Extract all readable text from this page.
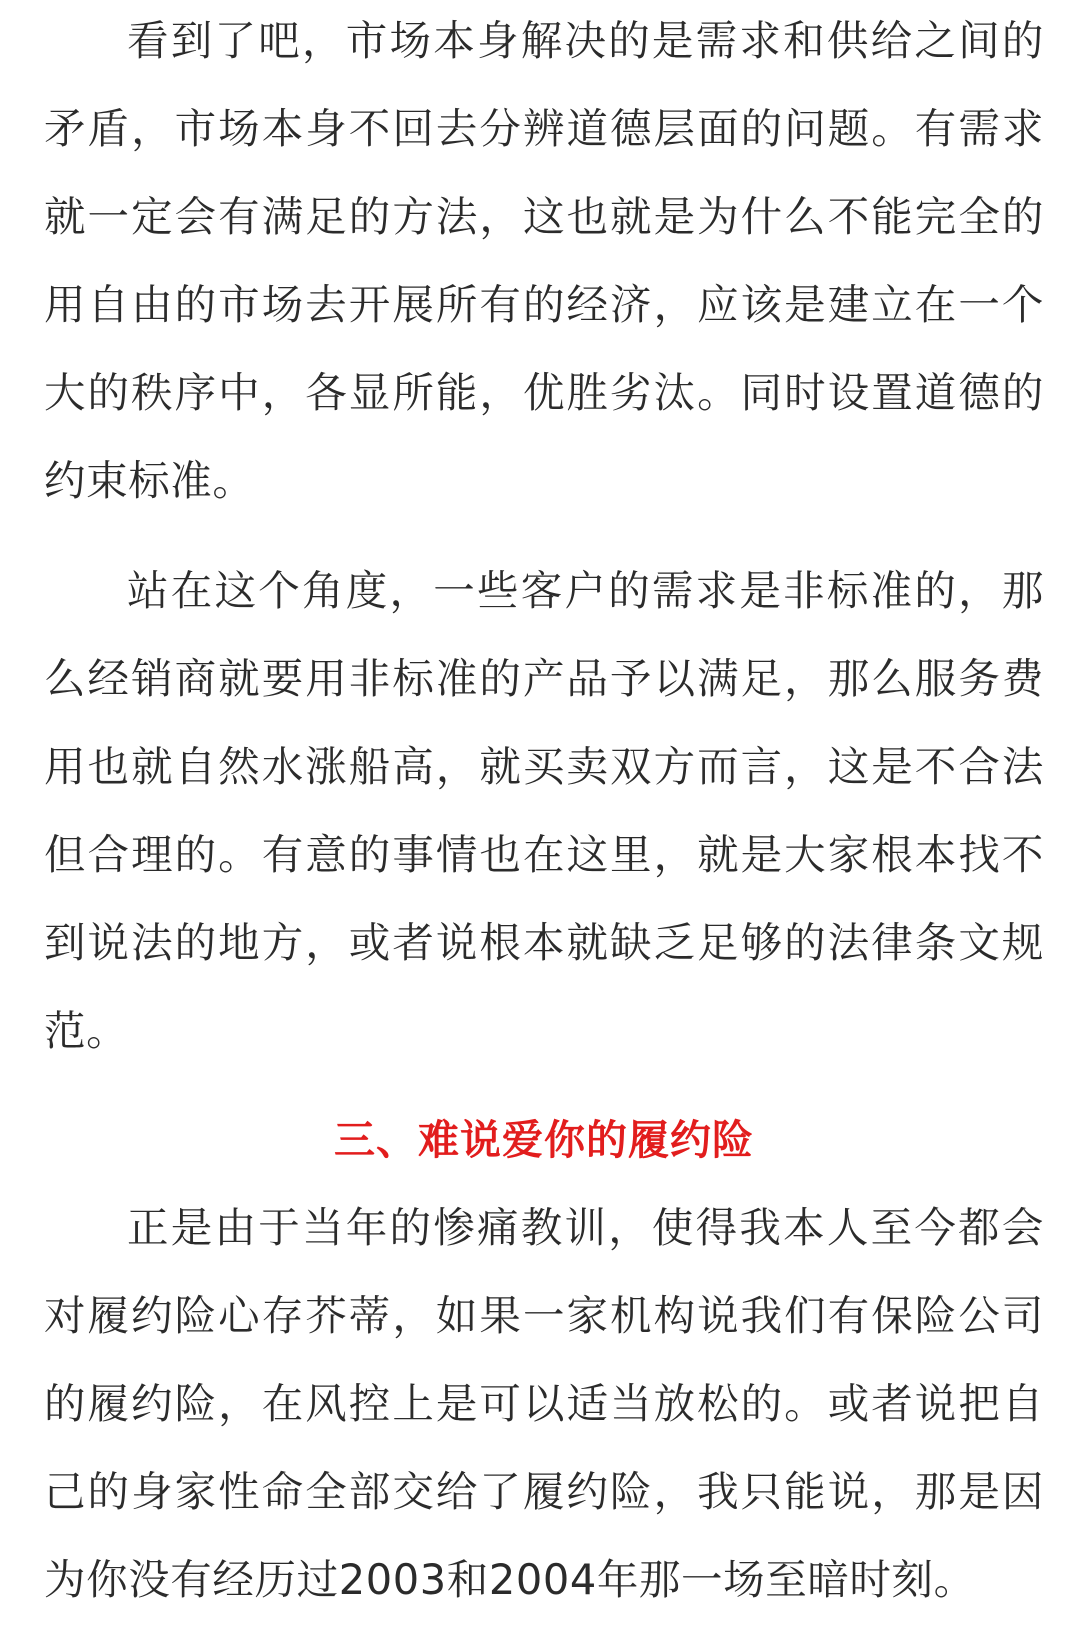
看到了吧，市场本身解决的是需求和供给之间的矛盾，市场本身不回去分辨道德层面的问题。有需求就一定会有满足的方法，这也就是为什么不能完全的用自由的市场去开展所有的经济，应该是建立在一个大的秩序中，各显所能，优胜劣汰。同时设置道德的约束标准。

站在这个角度，一些客户的需求是非标准的，那么经销商就要用非标准的产品予以满足，那么服务费用也就自然水涨船高，就买卖双方而言，这是不合法但合理的。有意的事情也在这里，就是大家根本找不到说法的地方，或者说根本就缺乏足够的法律条文规范。

三、难说爱你的履约险

正是由于当年的惨痛教训，使得我本人至今都会对履约险心存芥蒂，如果一家机构说我们有保险公司的履约险，在风控上是可以适当放松的。或者说把自己的身家性命全部交给了履约险，我只能说，那是因为你没有经历过2003和2004年那一场至暗时刻。
